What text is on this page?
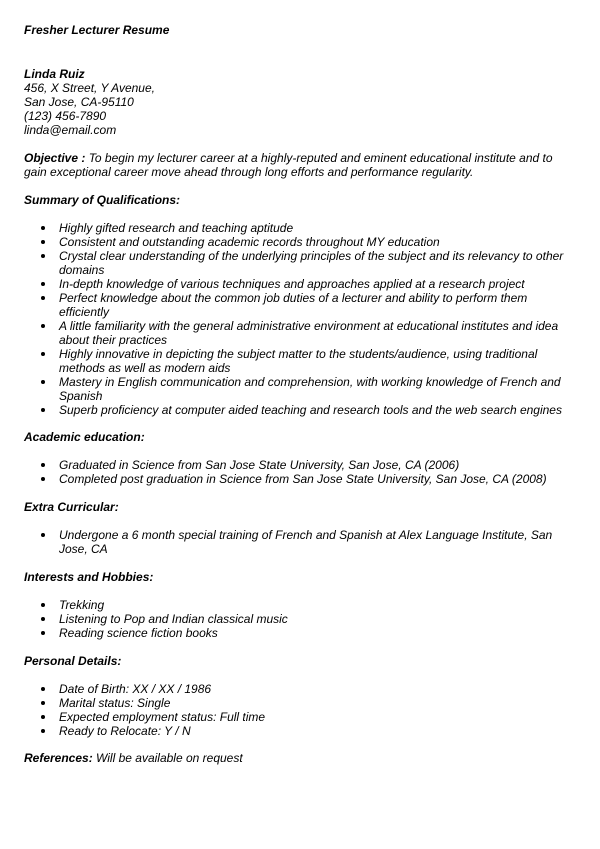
Fresher Lecturer Resume
Linda Ruiz
456, X Street, Y Avenue,
San Jose, CA-95110
(123) 456-7890
linda@email.com

Objective : To begin my lecturer career at a highly-reputed and eminent educational institute and to gain exceptional career move ahead through long efforts and performance regularity.

Summary of Qualifications:
Highly gifted research and teaching aptitude
Consistent and outstanding academic records throughout MY education
Crystal clear understanding of the underlying principles of the subject and its relevancy to other domains
In-depth knowledge of various techniques and approaches applied at a research project
Perfect knowledge about the common job duties of a lecturer and ability to perform them efficiently
A little familiarity with the general administrative environment at educational institutes and idea about their practices
Highly innovative in depicting the subject matter to the students/audience, using traditional methods as well as modern aids
Mastery in English communication and comprehension, with working knowledge of French and Spanish
Superb proficiency at computer aided teaching and research tools and the web search engines
Academic education:
Graduated in Science from San Jose State University, San Jose, CA (2006)
Completed post graduation in Science from San Jose State University, San Jose, CA (2008)
Extra Curricular:
Undergone a 6 month special training of French and Spanish at Alex Language Institute, San Jose, CA
Interests and Hobbies:
Trekking
Listening to Pop and Indian classical music
Reading science fiction books
Personal Details:
Date of Birth: XX / XX / 1986
Marital status: Single
Expected employment status: Full time
Ready to Relocate: Y / N

References: Will be available on request
